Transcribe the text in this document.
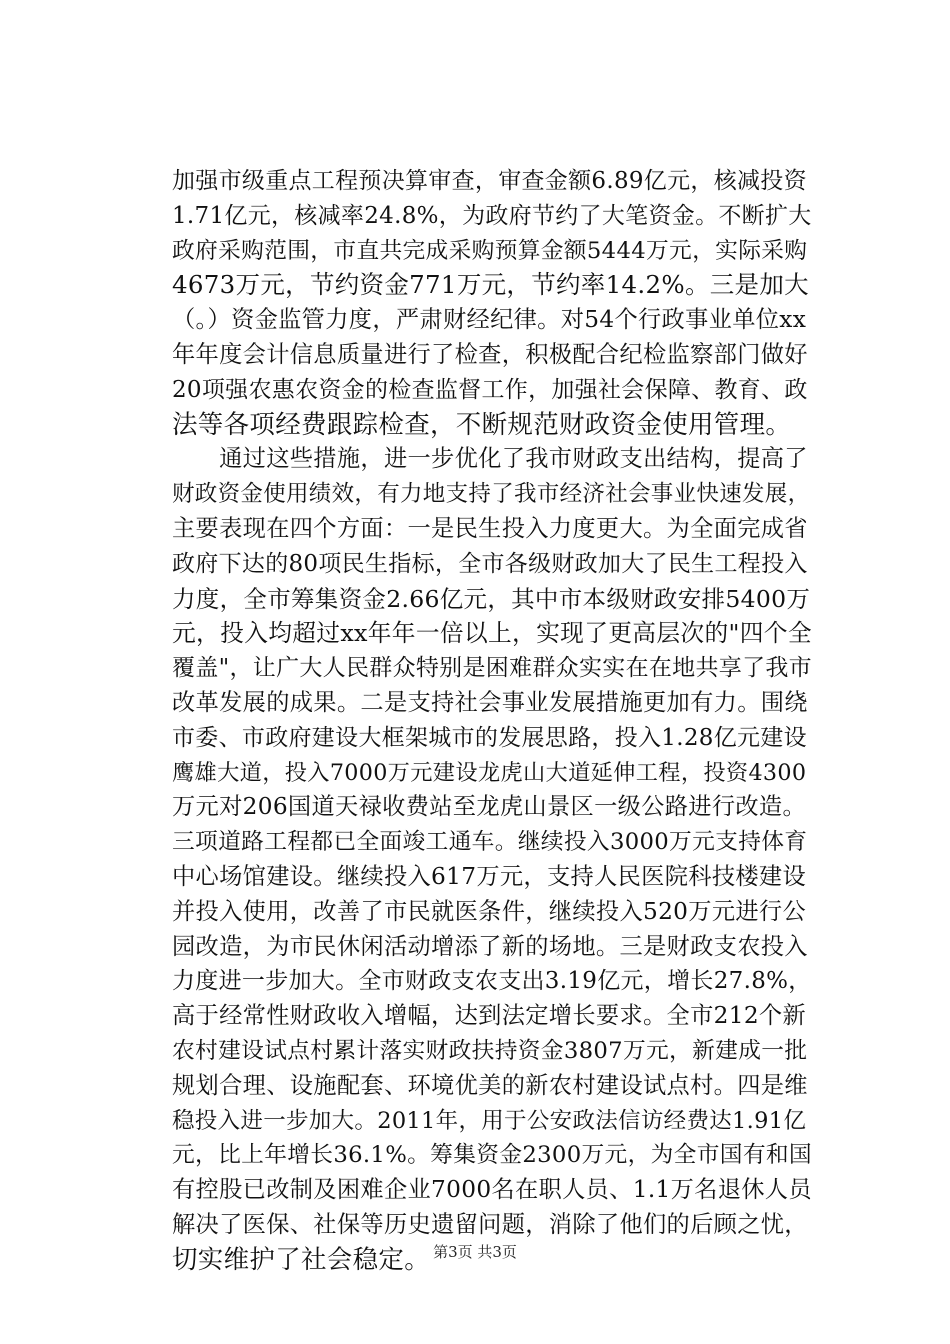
加强市级重点工程预决算审查，审查金额6.89亿元，核减投资
1.71亿元，核减率24.8%，为政府节约了大笔资金。不断扩大
政府采购范围，市直共完成采购预算金额5444万元，实际采购
4673万元，节约资金771万元，节约率14.2%。三是加大
（。）资金监管力度，严肃财经纪律。对54个行政事业单位xx
年年度会计信息质量进行了检查，积极配合纪检监察部门做好
20项强农惠农资金的检查监督工作，加强社会保障、教育、政
法等各项经费跟踪检查，不断规范财政资金使用管理。
　　通过这些措施，进一步优化了我市财政支出结构，提高了
财政资金使用绩效，有力地支持了我市经济社会事业快速发展，
主要表现在四个方面：一是民生投入力度更大。为全面完成省
政府下达的80项民生指标，全市各级财政加大了民生工程投入
力度，全市筹集资金2.66亿元，其中市本级财政安排5400万
元，投入均超过xx年年一倍以上，实现了更高层次的"四个全
覆盖"，让广大人民群众特别是困难群众实实在在地共享了我市
改革发展的成果。二是支持社会事业发展措施更加有力。围绕
市委、市政府建设大框架城市的发展思路，投入1.28亿元建设
鹰雄大道，投入7000万元建设龙虎山大道延伸工程，投资4300
万元对206国道天禄收费站至龙虎山景区一级公路进行改造。
三项道路工程都已全面竣工通车。继续投入3000万元支持体育
中心场馆建设。继续投入617万元，支持人民医院科技楼建设
并投入使用，改善了市民就医条件，继续投入520万元进行公
园改造，为市民休闲活动增添了新的场地。三是财政支农投入
力度进一步加大。全市财政支农支出3.19亿元，增长27.8%，
高于经常性财政收入增幅，达到法定增长要求。全市212个新
农村建设试点村累计落实财政扶持资金3807万元，新建成一批
规划合理、设施配套、环境优美的新农村建设试点村。四是维
稳投入进一步加大。2011年，用于公安政法信访经费达1.91亿
元，比上年增长36.1%。筹集资金2300万元，为全市国有和国
有控股已改制及困难企业7000名在职人员、1.1万名退休人员
解决了医保、社保等历史遗留问题，消除了他们的后顾之忧，
切实维护了社会稳定。 第3页 共3页
